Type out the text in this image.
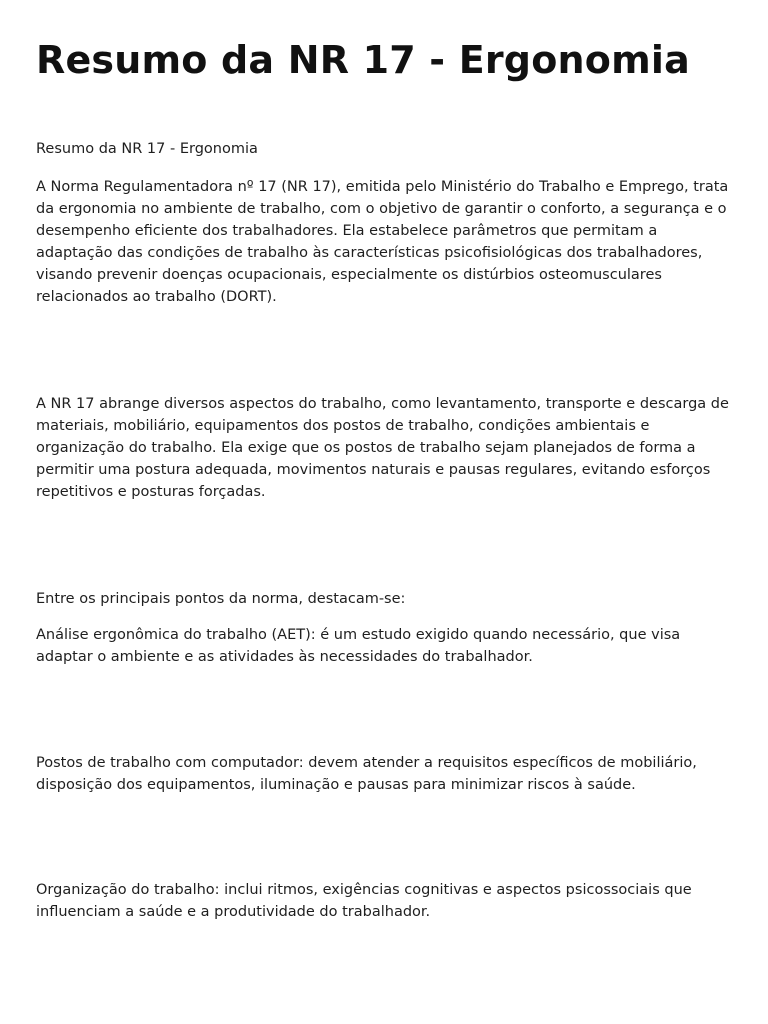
Resumo da NR 17 - Ergonomia

Resumo da NR 17 - Ergonomia

A Norma Regulamentadora nº 17 (NR 17), emitida pelo Ministério do Trabalho e Emprego, trata da ergonomia no ambiente de trabalho, com o objetivo de garantir o conforto, a segurança e o desempenho eficiente dos trabalhadores. Ela estabelece parâmetros que permitam a adaptação das condições de trabalho às características psicofisiológicas dos trabalhadores, visando prevenir doenças ocupacionais, especialmente os distúrbios osteomusculares relacionados ao trabalho (DORT).

A NR 17 abrange diversos aspectos do trabalho, como levantamento, transporte e descarga de materiais, mobiliário, equipamentos dos postos de trabalho, condições ambientais e organização do trabalho. Ela exige que os postos de trabalho sejam planejados de forma a permitir uma postura adequada, movimentos naturais e pausas regulares, evitando esforços repetitivos e posturas forçadas.

Entre os principais pontos da norma, destacam-se:

Análise ergonômica do trabalho (AET): é um estudo exigido quando necessário, que visa adaptar o ambiente e as atividades às necessidades do trabalhador.

Postos de trabalho com computador: devem atender a requisitos específicos de mobiliário, disposição dos equipamentos, iluminação e pausas para minimizar riscos à saúde.

Organização do trabalho: inclui ritmos, exigências cognitivas e aspectos psicossociais que influenciam a saúde e a produtividade do trabalhador.
